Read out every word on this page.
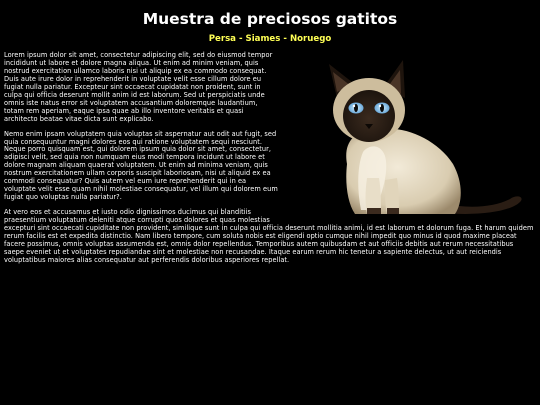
Muestra de preciosos gatitos
Persa - Siames - Noruego

Lorem ipsum dolor sit amet, consectetur adipiscing elit, sed do eiusmod tempor incididunt ut labore et dolore magna aliqua. Ut enim ad minim veniam, quis nostrud exercitation ullamco laboris nisi ut aliquip ex ea commodo consequat. Duis aute irure dolor in reprehenderit in voluptate velit esse cillum dolore eu fugiat nulla pariatur. Excepteur sint occaecat cupidatat non proident, sunt in culpa qui officia deserunt mollit anim id est laborum. Sed ut perspiciatis unde omnis iste natus error sit voluptatem accusantium doloremque laudantium, totam rem aperiam, eaque ipsa quae ab illo inventore veritatis et quasi architecto beatae vitae dicta sunt explicabo.

Nemo enim ipsam voluptatem quia voluptas sit aspernatur aut odit aut fugit, sed quia consequuntur magni dolores eos qui ratione voluptatem sequi nesciunt. Neque porro quisquam est, qui dolorem ipsum quia dolor sit amet, consectetur, adipisci velit, sed quia non numquam eius modi tempora incidunt ut labore et dolore magnam aliquam quaerat voluptatem. Ut enim ad minima veniam, quis nostrum exercitationem ullam corporis suscipit laboriosam, nisi ut aliquid ex ea commodi consequatur? Quis autem vel eum iure reprehenderit qui in ea voluptate velit esse quam nihil molestiae consequatur, vel illum qui dolorem eum fugiat quo voluptas nulla pariatur?.

At vero eos et accusamus et iusto odio dignissimos ducimus qui blanditiis praesentium voluptatum deleniti atque corrupti quos dolores et quas molestias excepturi sint occaecati cupiditate non provident, similique sunt in culpa qui officia deserunt mollitia animi, id est laborum et dolorum fuga. Et harum quidem rerum facilis est et expedita distinctio. Nam libero tempore, cum soluta nobis est eligendi optio cumque nihil impedit quo minus id quod maxime placeat facere possimus, omnis voluptas assumenda est, omnis dolor repellendus. Temporibus autem quibusdam et aut officiis debitis aut rerum necessitatibus saepe eveniet ut et voluptates repudiandae sint et molestiae non recusandae. Itaque earum rerum hic tenetur a sapiente delectus, ut aut reiciendis voluptatibus maiores alias consequatur aut perferendis doloribus asperiores repellat.
